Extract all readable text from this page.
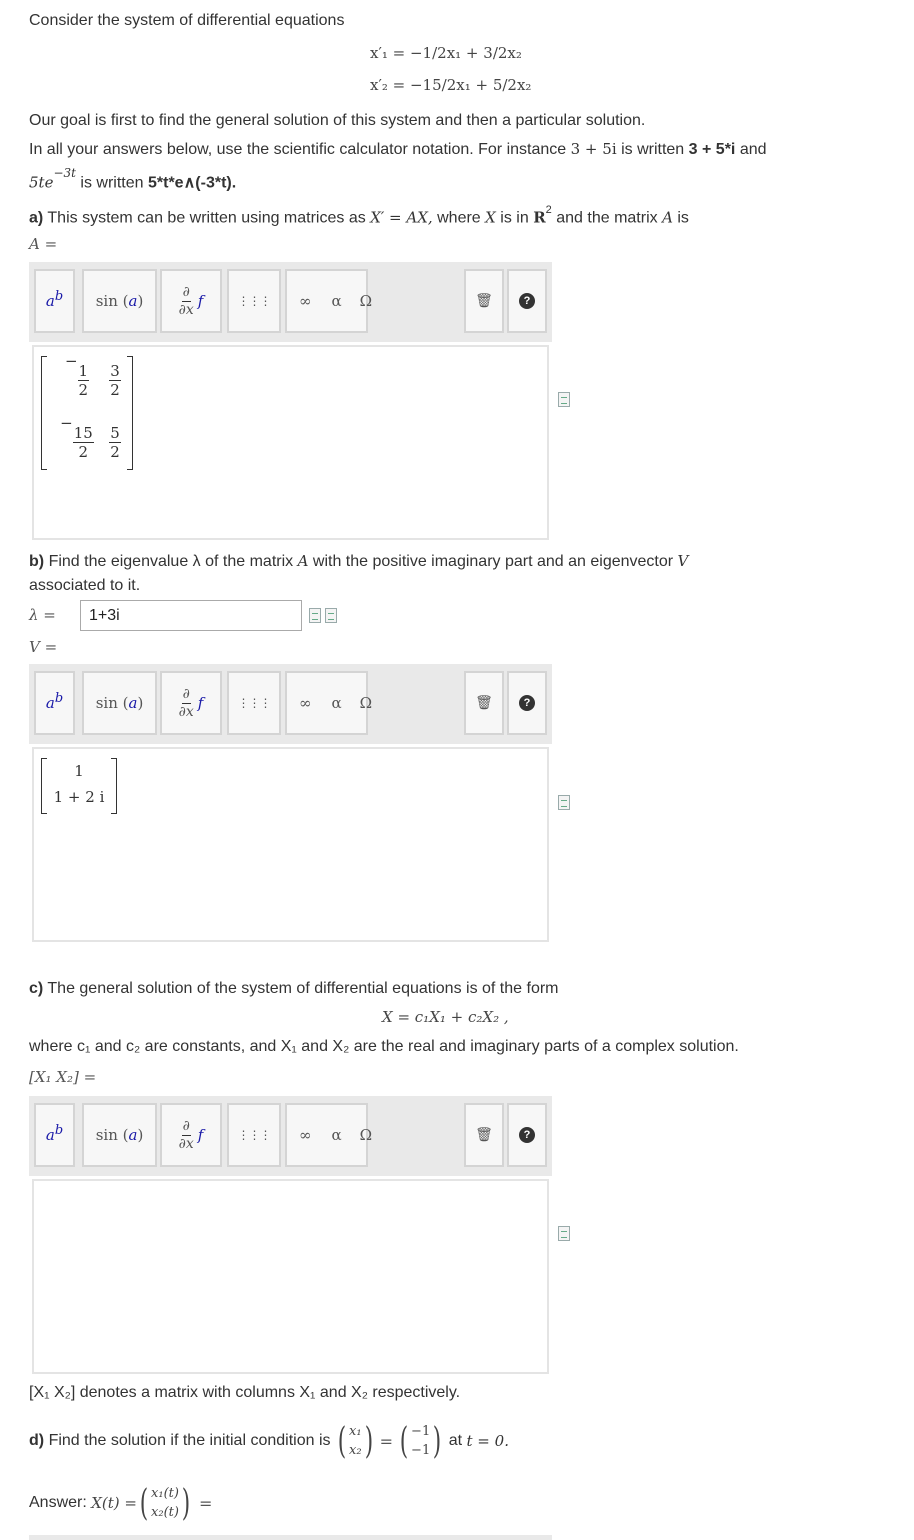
Consider the system of differential equations
x′₁ = −1/2x₁ + 3/2x₂
x′₂ = −15/2x₁ + 5/2x₂
Our goal is first to find the general solution of this system and then a particular solution.
In all your answers below, use the scientific calculator notation. For instance 3 + 5i is written 3 + 5*i and
$5te^{-3t}$ is written 5*t*e∧(-3*t).
a) This system can be written using matrices as X′ = AX, where X is in $R^2$ and the matrix A is
A =
$a^b$ sin ( a )	$\frac{\partial}{\partial x}$ f	⋮⋮⋮ ∞ α Ω	🗑	?
−
$\frac{1}{2} \frac{3}{2}$
−
$\frac{15}{2} \frac{5}{2}$
b) Find the eigenvalue λ of the matrix A with the positive imaginary part and an eigenvector V
associated to it.
λ =	1+3i
V =
$a^b$ sin ( a )	$\frac{\partial}{\partial x}$ f	⋮⋮⋮ ∞ α Ω	🗑	?
1
1 + 2 i
c) The general solution of the system of differential equations is of the form
X = c₁X₁ + c₂X₂ ,
where c₁ and c₂ are constants, and X₁ and X₂ are the real and imaginary parts of a complex solution.
[X₁ X₂] =
$a^b$ sin ( a )	$\frac{\partial}{\partial x}$ f	⋮⋮⋮ ∞ α Ω	🗑	?
[X₁ X₂] denotes a matrix with columns X₁ and X₂ respectively.
d)
Find the solution if the initial condition is
( x₁
x₂ ) = ( −1
−1 )
at
t = 0.
Answer:
X(t) = ( x₁(t)
x₂(t) ) =
